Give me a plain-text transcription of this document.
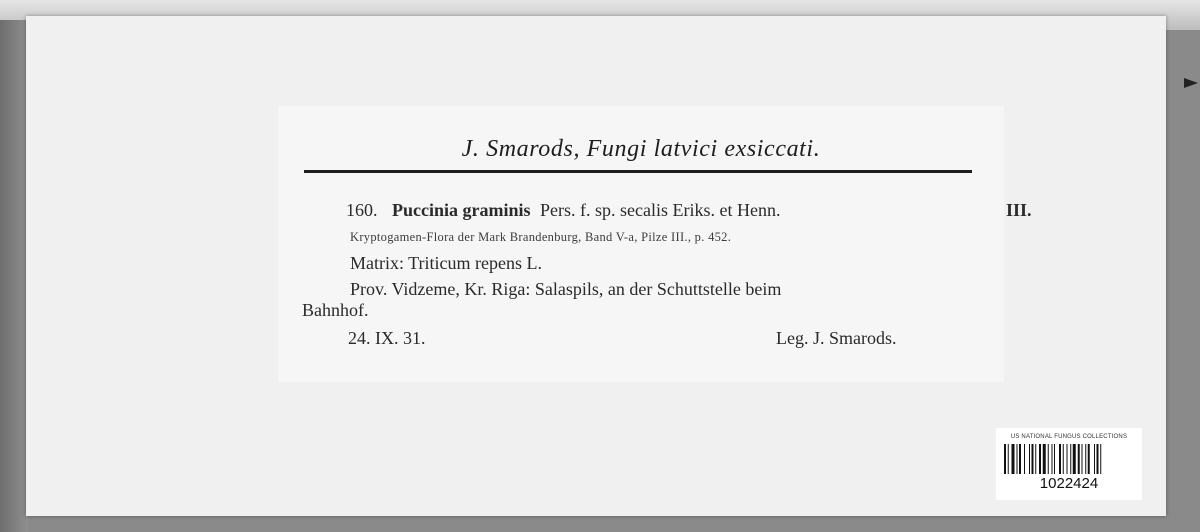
J. Smarods, Fungi latvici exsiccati.
160. Puccinia graminis Pers. f. sp. secalis Eriks. et Henn.	III.
Kryptogamen-Flora der Mark Brandenburg, Band V-a, Pilze III., p. 452.
Matrix: Triticum repens L.
Prov. Vidzeme, Kr. Riga: Salaspils, an der Schuttstelle beim
Bahnhof.
24. IX. 31.	Leg. J. Smarods.
US NATIONAL FUNGUS COLLECTIONS
1022424
